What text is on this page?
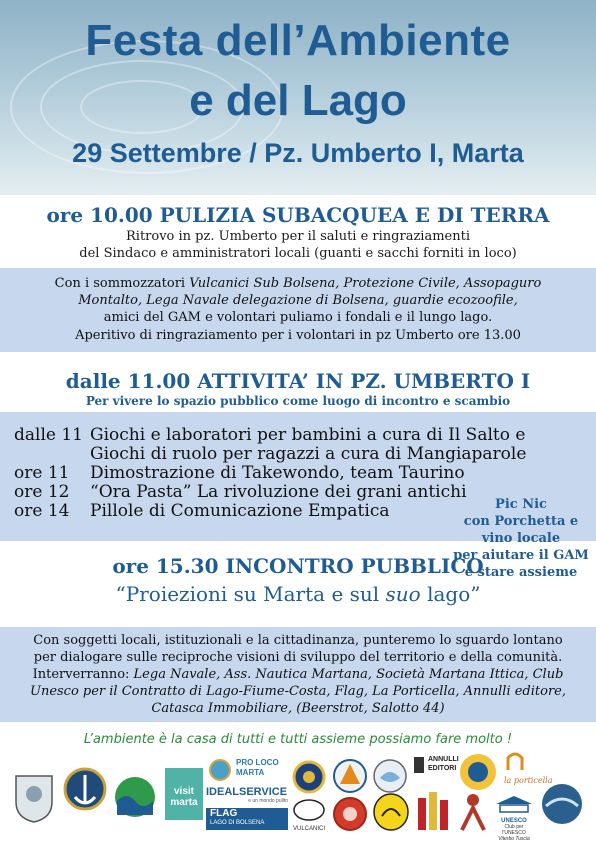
Festa dell’Ambiente
e del Lago
29 Settembre / Pz. Umberto I, Marta
ore 10.00 PULIZIA SUBACQUEA E DI TERRA
Ritrovo in pz. Umberto per il saluti e ringraziamenti
del Sindaco e amministratori locali (guanti e sacchi forniti in loco)
Con i sommozzatori Vulcanici Sub Bolsena, Protezione Civile, Assopaguro
Montalto, Lega Navale delegazione di Bolsena, guardie ecozoofile,
amici del GAM e volontari puliamo i fondali e il lungo lago.
Aperitivo di ringraziamento per i volontari in pz Umberto ore 13.00
dalle 11.00 ATTIVITA’ IN PZ. UMBERTO I
Per vivere lo spazio pubblico come luogo di incontro e scambio
dalle 11 Giochi e laboratori per bambini a cura di Il Salto e
Giochi di ruolo per ragazzi a cura di Mangiaparole
ore 11 Dimostrazione di Takewondo, team Taurino
ore 12 “Ora Pasta” La rivoluzione dei grani antichi
ore 14 Pillole di Comunicazione Empatica	Pic Nic
con Porchetta e
vino locale
per aiutare il GAM
e stare assieme
ore 15.30 INCONTRO PUBBLICO
“Proiezioni su Marta e sul suo lago”
Con soggetti locali, istituzionali e la cittadinanza, punteremo lo sguardo lontano
per dialogare sulle reciproche visioni di sviluppo del territorio e della comunità.
Interverranno: Lega Navale, Ass. Nautica Martana, Società Martana Ittica, Club
Unesco per il Contratto di Lago-Fiume-Costa, Flag, La Porticella, Annulli editore,
Catasca Immobiliare, (Beerstrot, Salotto 44)
L’ambiente è la casa di tutti e tutti assieme possiamo fare molto !
visit marta
PRO LOCO
MARTA
IDEALSERVICE
e un mondo pulito
FLAG
LAGO DI BOLSENA
ANNULLI
EDITORI
la porticella
VULCANICI
UNESCO
Club per l'UNESCO
Viterbo Tuscia
